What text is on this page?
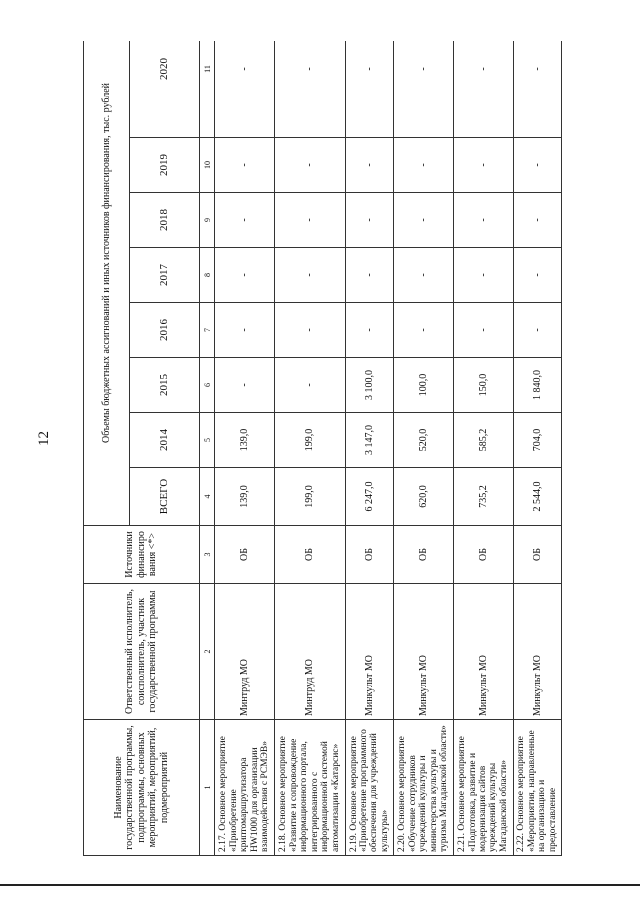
12
Наименование государственной программы, подпрограммы, основных мероприятий, мероприятий, подмероприятий	Ответственный исполнитель, соисполнитель, участник государственной программы	Источники финансиро вания <*>	Объемы бюджетных ассигнований и иных источников финансирования, тыс. рублей							
			ВСЕГО	2014	2015	2016	2017	2018	2019	2020
1	2	3	4	5	6	7	8	9	10	11
2.17. Основное мероприятие «Приобретение криптомаршрутизатора HW1000 для организации взаимодействия с РСМЭВ»	Минтруд МО	ОБ	139,0	139,0	-	-	-	-	-	-
2.18. Основное мероприятие «Развитие и сопровождение информационного портала, интегрированного с информационной системой автоматизации «Катарсис»	Минтруд МО	ОБ	199,0	199,0	-	-	-	-	-	-
2.19. Основное мероприятие «Приобретение программного обеспечения для учреждений культуры»	Минкульт МО	ОБ	6 247,0	3 147,0	3 100,0	-	-	-	-	-
2.20. Основное мероприятие «Обучение сотрудников учреждений культуры и министерства культуры и туризма Магаданской области»	Минкульт МО	ОБ	620,0	520,0	100,0	-	-	-	-	-
2.21. Основное мероприятие «Подготовка, развитие и модернизация сайтов учреждений культуры Магаданской области»	Минкульт МО	ОБ	735,2	585,2	150,0	-	-	-	-	-
2.22. Основное мероприятие «Мероприятия, направленные на организацию и предоставление	Минкульт МО	ОБ	2 544,0	704,0	1 840,0	-	-	-	-	-
